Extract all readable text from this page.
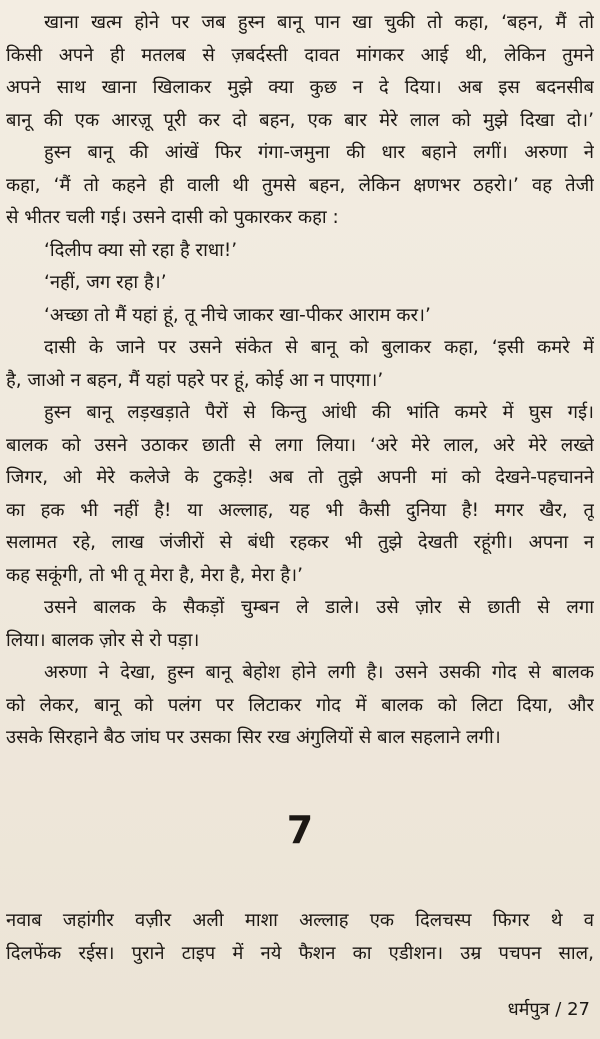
खाना खत्म होने पर जब हुस्न बानू पान खा चुकी तो कहा, ‘बहन, मैं तो
किसी अपने ही मतलब से ज़बर्दस्ती दावत मांगकर आई थी, लेकिन तुमने
अपने साथ खाना खिलाकर मुझे क्या कुछ न दे दिया। अब इस बदनसीब
बानू की एक आरज़ू पूरी कर दो बहन, एक बार मेरे लाल को मुझे दिखा दो।’
हुस्न बानू की आंखें फिर गंगा-जमुना की धार बहाने लगीं। अरुणा ने
कहा, ‘मैं तो कहने ही वाली थी तुमसे बहन, लेकिन क्षणभर ठहरो।’ वह तेजी
से भीतर चली गई। उसने दासी को पुकारकर कहा :
‘दिलीप क्या सो रहा है राधा!’
‘नहीं, जग रहा है।’
‘अच्छा तो मैं यहां हूं, तू नीचे जाकर खा-पीकर आराम कर।’
दासी के जाने पर उसने संकेत से बानू को बुलाकर कहा, ‘इसी कमरे में
है, जाओ न बहन, मैं यहां पहरे पर हूं, कोई आ न पाएगा।’
हुस्न बानू लड़खड़ाते पैरों से किन्तु आंधी की भांति कमरे में घुस गई।
बालक को उसने उठाकर छाती से लगा लिया। ‘अरे मेरे लाल, अरे मेरे लख्ते
जिगर, ओ मेरे कलेजे के टुकड़े! अब तो तुझे अपनी मां को देखने-पहचानने
का हक भी नहीं है! या अल्लाह, यह भी कैसी दुनिया है! मगर खैर, तू
सलामत रहे, लाख जंजीरों से बंधी रहकर भी तुझे देखती रहूंगी। अपना न
कह सकूंगी, तो भी तू मेरा है, मेरा है, मेरा है।’
उसने बालक के सैकड़ों चुम्बन ले डाले। उसे ज़ोर से छाती से लगा
लिया। बालक ज़ोर से रो पड़ा।
अरुणा ने देखा, हुस्न बानू बेहोश होने लगी है। उसने उसकी गोद से बालक
को लेकर, बानू को पलंग पर लिटाकर गोद में बालक को लिटा दिया, और
उसके सिरहाने बैठ जांघ पर उसका सिर रख अंगुलियों से बाल सहलाने लगी।
7
नवाब जहांगीर वज़ीर अली माशा अल्लाह एक दिलचस्प फिगर थे व
दिलफेंक रईस। पुराने टाइप में नये फैशन का एडीशन। उम्र पचपन साल,
धर्मपुत्र / 27
